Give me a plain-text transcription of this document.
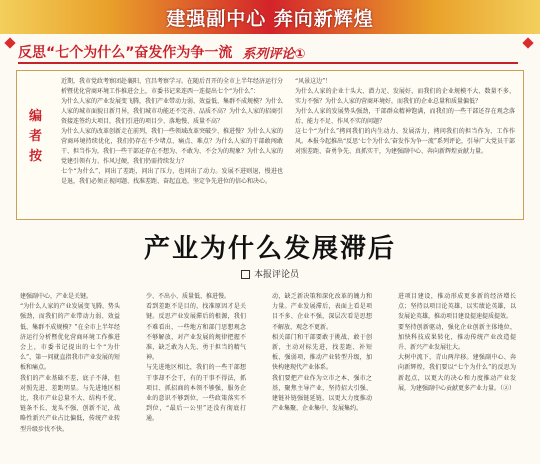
建强副中心 奔向新辉煌
反思“七个为什么”奋发作为争一流 系列评论①
编者按

近期，我市党政考察团赴襄阳、宜昌考察学习。在随后召开的全市上半年经济运行分析暨优化营商环境工作推进会上，市委书记来连西一连提出七个“为什么”：

为什么人家的产业发展变飞腾，我们产业带动力弱、效益低、集群不成规模？为什么人家的城市面貌日新月异，我们城市功能还不完善、品质不高？为什么人家的招商引资接连签约大项目，我们引进的项目少、落地慢、质量不高？

为什么人家的改革创新走在前列，我们一些领域改革突破少、推进慢？为什么人家的营商环境持续优化，我们仍存在不少堵点、痛点、难点？为什么人家的干部敢闯敢干、担当作为，我们一些干部还存在不想为、不敢为、不会为的现象？为什么人家的党建引领有力、作风过硬，我们仍需持续发力？

七个“为什么”，问出了差距，问出了压力，也问出了动力。发展不进则退，慢进也是退，我们必须正视问题、找准差距、奋起直追，坚定争先进位的信心和决心。

“风景这边”！

为什么人家的企业十头大、潜力足、发展好，而我们的企业规模不大、数量不多、实力不强？为什么人家的营商环境好，而我们的企业总量和质量偏低？

为什么人家的发展势头强劲，干部群众精神饱满，而我们的一些干部还存在观念落后、能力不足、作风不实的问题？

这七个“为什么”拷问我们的内生动力、发展活力，拷问我们的担当作为、工作作风。本报今起推出“反思‘七个为什么’奋发作为争一流”系列评论，引导广大党员干部对照差距、奋勇争先、真抓实干，为建强副中心、奔向新辉煌贡献力量。

产业为什么发展滞后
本报评论员

建强副中心，产业是关键。

“为什么人家的产业发展变飞腾、势头强劲，而我们的产业带动力弱、效益低、集群不成规模？”在全市上半年经济运行分析暨优化营商环境工作推进会上，市委书记提出的七个“为什么”，第一问就直指我市产业发展的短板和痛点。

我们的产业基础不差，底子不薄，但对照先进、差距明显。与先进地区相比，我市产业总量不大、结构不优、链条不长、龙头不强、创新不足，战略性新兴产业占比偏低，传统产业转型升级步伐不快。

少、不出小、质量低、推进慢。

看到差距不是目的，找准原因才是关键。反思产业发展滞后的根源，我们不难看出，一些地方和部门思想观念不够解放，对产业发展的规律把握不准，缺乏敢为人先、勇于担当的精气神。

与先进地区相比，我们的一些干部想干事却不会干，有的干事不得法，抓项目、抓招商的本领不够强，服务企业的意识不够到位，一些政策落实不到位，“最后一公里”还没有彻底打通。

动，缺乏新决策和深化改革的魄力和力量。产业发展滞后，表面上看是项目不多、企业不强，深层次看是思想不解放、观念不更新。

相关部门和干部要敢于挑战、敢于创新，主动对标先进，找差距、补短板、强弱项，推动产业转型升级，加快构建现代产业体系。

我们要把产业作为立市之本、强市之基，聚焦主导产业，坚持招大引强、建链补链强链延链，以更大力度推动产业集聚、企业集中、发展集约。

进项目建设，推动形成更多新的经济增长点；坚持以项目论英雄，以实绩论英雄，以发展论英雄，推动项目建设提速提质提效。

要坚持创新驱动，强化企业创新主体地位，加快科技成果转化，推动传统产业改造提升、新兴产业发展壮大。

大树中流下，青山两岸移。建强副中心、奔向新辉煌，我们要以“七个为什么”的反思为新起点，以更大的决心和力度推动产业发展，为建强副中心贡献更多产业力量。（②）
